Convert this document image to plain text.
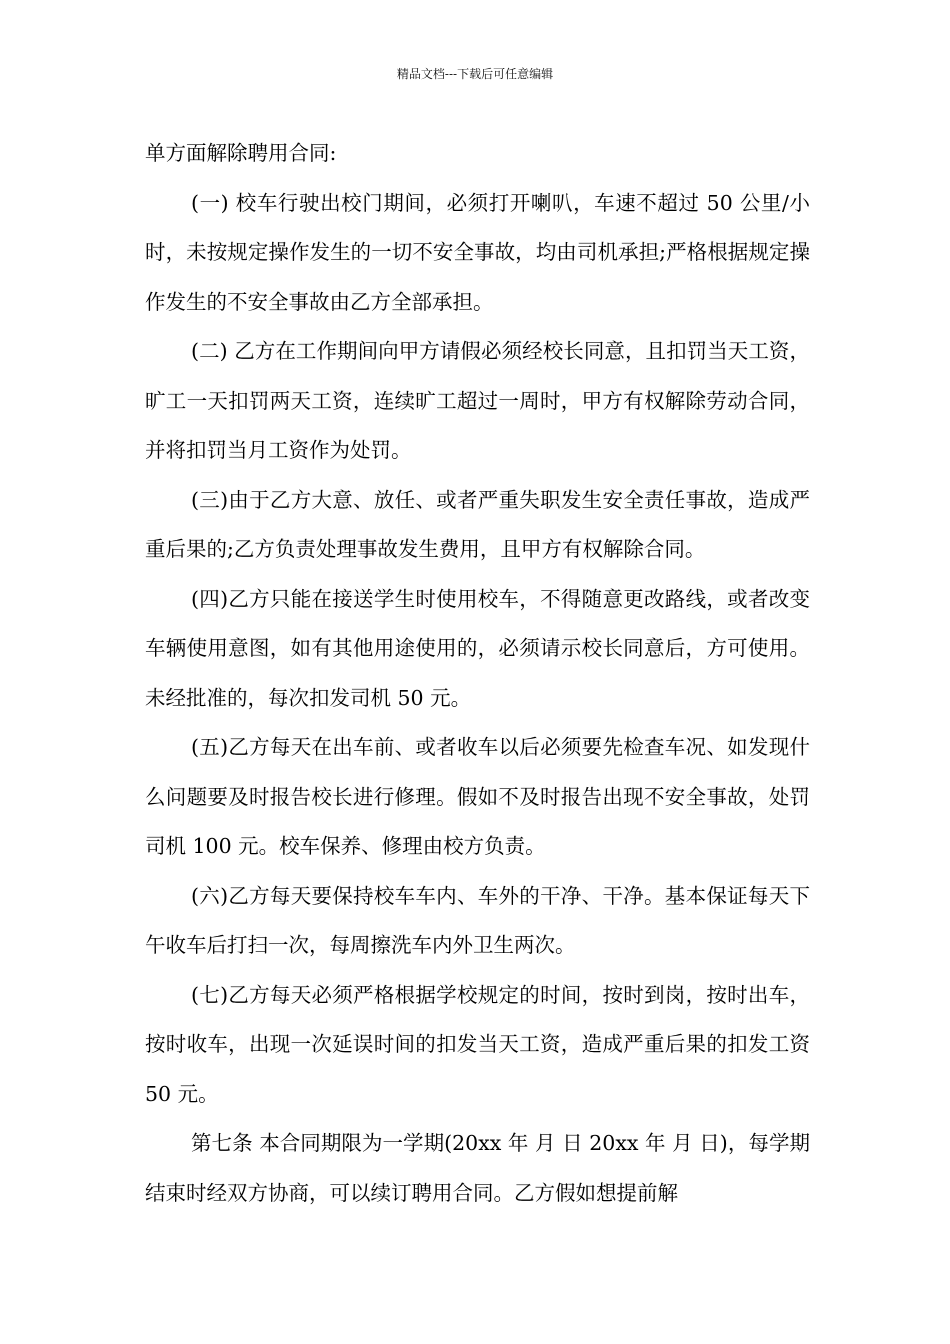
精品文档---下载后可任意编辑

单方面解除聘用合同:

(一) 校车行驶出校门期间，必须打开喇叭，车速不超过 50 公里/小时，未按规定操作发生的一切不安全事故，均由司机承担;严格根据规定操作发生的不安全事故由乙方全部承担。

(二) 乙方在工作期间向甲方请假必须经校长同意，且扣罚当天工资，旷工一天扣罚两天工资，连续旷工超过一周时，甲方有权解除劳动合同，并将扣罚当月工资作为处罚。

(三)由于乙方大意、放任、或者严重失职发生安全责任事故，造成严重后果的;乙方负责处理事故发生费用，且甲方有权解除合同。

(四)乙方只能在接送学生时使用校车，不得随意更改路线，或者改变车辆使用意图，如有其他用途使用的，必须请示校长同意后，方可使用。未经批准的，每次扣发司机 50 元。

(五)乙方每天在出车前、或者收车以后必须要先检查车况、如发现什么问题要及时报告校长进行修理。假如不及时报告出现不安全事故，处罚司机 100 元。校车保养、修理由校方负责。

(六)乙方每天要保持校车车内、车外的干净、干净。基本保证每天下午收车后打扫一次，每周擦洗车内外卫生两次。

(七)乙方每天必须严格根据学校规定的时间，按时到岗，按时出车，按时收车，出现一次延误时间的扣发当天工资，造成严重后果的扣发工资 50 元。

第七条 本合同期限为一学期(20xx 年 月 日 20xx 年 月 日)，每学期结束时经双方协商，可以续订聘用合同。乙方假如想提前解
